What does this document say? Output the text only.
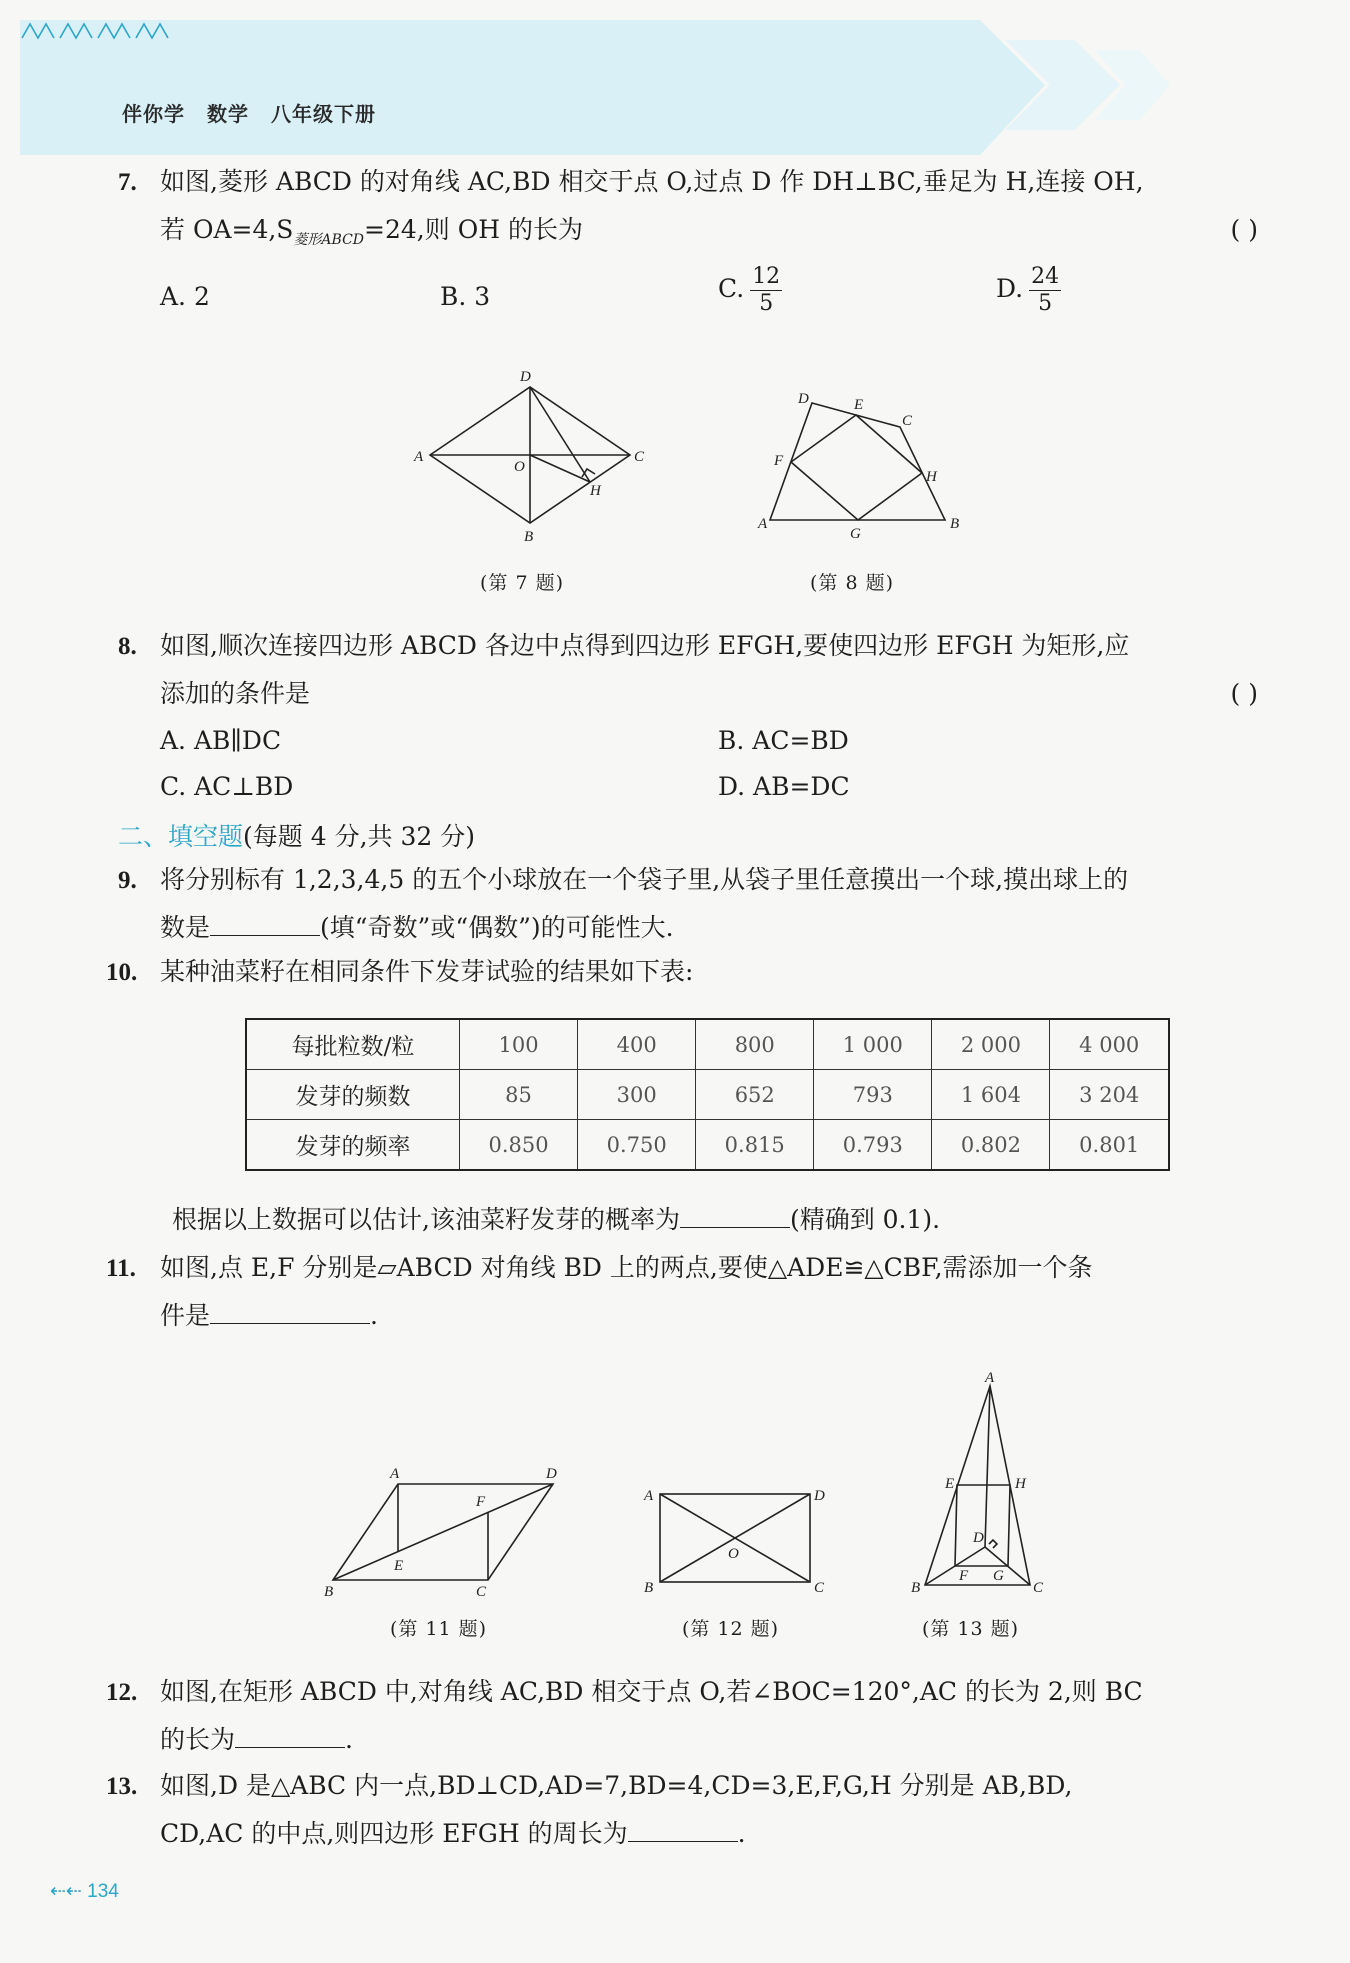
伴你学 数学 八年级下册
7. 如图,菱形 ABCD 的对角线 AC,BD 相交于点 O,过点 D 作 DH⊥BC,垂足为 H,连接 OH,
若 $OA=4,S_{菱形ABCD}=24$,则 OH 的长为	( )
A. 2	B. 3	C. $\frac{12}{5}$	D. $\frac{24}{5}$
D
A	C
O
H
B
(第 7 题)
D	E
C
F
H
A	B
G
(第 8 题)
8. 如图,顺次连接四边形 ABCD 各边中点得到四边形 EFGH,要使四边形 EFGH 为矩形,应
添加的条件是	( )
A. AB∥DC	B. AC=BD
C. AC⊥BD	D. AB=DC
二、填空题(每题 4 分,共 32 分)
9. 将分别标有 1,2,3,4,5 的五个小球放在一个袋子里,从袋子里任意摸出一个球,摸出球上的
数是	(填“奇数”或“偶数”)的可能性大.
10. 某种油菜籽在相同条件下发芽试验的结果如下表:
每批粒数/粒	100	400	800	1 000	2 000	4 000
发芽的频数	85	300	652	793	1 604	3 204
发芽的频率	0.850	0.750	0.815	0.793	0.802	0.801
根据以上数据可以估计,该油菜籽发芽的概率为	(精确到 0.1).
11. 如图,点 E,F 分别是▱ABCD 对角线 BD 上的两点,要使△ADE≌△CBF,需添加一个条
件是	.
A	D
F
E
B	C
(第 11 题)
A	D
O
B	C
(第 12 题)
A
E	H
D
F G
B	C
(第 13 题)
12. 如图,在矩形 ABCD 中,对角线 AC,BD 相交于点 O,若∠BOC=120°,AC 的长为 2,则 BC
的长为	.
13. 如图,D 是△ABC 内一点,BD⊥CD,AD=7,BD=4,CD=3,E,F,G,H 分别是 AB,BD,
CD,AC 的中点,则四边形 EFGH 的周长为	.
⇠⇠ 134
